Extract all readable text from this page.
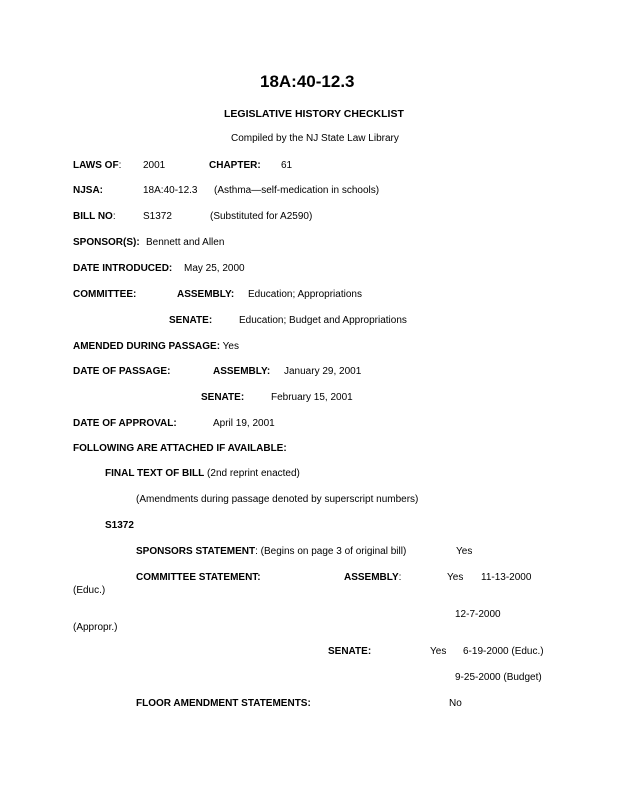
18A:40-12.3
LEGISLATIVE HISTORY CHECKLIST
Compiled by the NJ State Law Library
LAWS OF: 2001	CHAPTER: 61
NJSA:	18A:40-12.3 (Asthma—self-medication in schools)
BILL NO:	S1372	(Substituted for A2590)
SPONSOR(S): Bennett and Allen
DATE INTRODUCED: May 25, 2000
COMMITTEE:	ASSEMBLY: Education; Appropriations
SENATE:	Education; Budget and Appropriations
AMENDED DURING PASSAGE: Yes
DATE OF PASSAGE:	ASSEMBLY: January 29, 2001
SENATE:	February 15, 2001
DATE OF APPROVAL:	April 19, 2001
FOLLOWING ARE ATTACHED IF AVAILABLE:
FINAL TEXT OF BILL (2nd reprint enacted)
(Amendments during passage denoted by superscript numbers)
S1372
SPONSORS STATEMENT: (Begins on page 3 of original bill)	Yes
COMMITTEE STATEMENT:	ASSEMBLY:	Yes 11-13-2000
(Educ.)
12-7-2000
(Appropr.)
SENATE:	Yes 6-19-2000 (Educ.)
9-25-2000 (Budget)
FLOOR AMENDMENT STATEMENTS:	No
